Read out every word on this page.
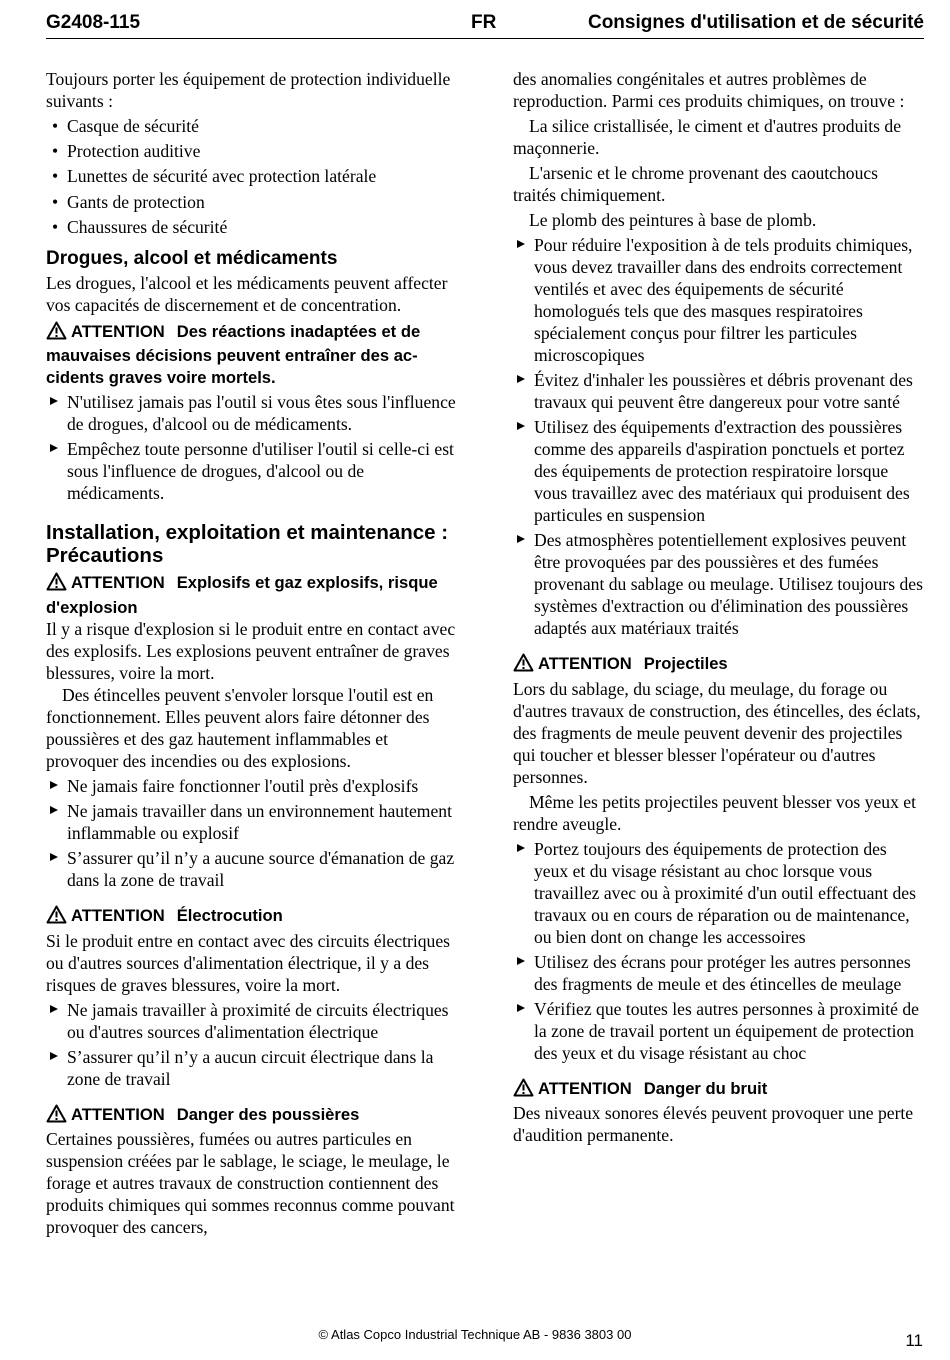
G2408-115	FR	Consignes d'utilisation et de sécurité

Toujours porter les équipement de protection individuelle suivants :

• Casque de sécurité
• Protection auditive
• Lunettes de sécurité avec protection latérale
• Gants de protection
• Chaussures de sécurité
Drogues, alcool et médicaments

Les drogues, l'alcool et les médicaments peuvent affecter vos capacités de discernement et de concentration.

ATTENTION Des réactions inadaptées et de mauvaises décisions peuvent entraîner des accidents graves voire mortels.
N'utilisez jamais pas l'outil si vous êtes sous l'influence de drogues, d'alcool ou de médicaments.
Empêchez toute personne d'utiliser l'outil si celle-ci est sous l'influence de drogues, d'alcool ou de médicaments.
Installation, exploitation et maintenance : Précautions
ATTENTION Explosifs et gaz explosifs, risque d'explosion

Il y a risque d'explosion si le produit entre en contact avec des explosifs. Les explosions peuvent entraîner de graves blessures, voire la mort.

Des étincelles peuvent s'envoler lorsque l'outil est en fonctionnement. Elles peuvent alors faire détonner des poussières et des gaz hautement inflammables et provoquer des incendies ou des explosions.

Ne jamais faire fonctionner l'outil près d'explosifs
Ne jamais travailler dans un environnement hautement inflammable ou explosif
S’assurer qu’il n’y a aucune source d'émanation de gaz dans la zone de travail
ATTENTION Électrocution

Si le produit entre en contact avec des circuits électriques ou d'autres sources d'alimentation électrique, il y a des risques de graves blessures, voire la mort.

Ne jamais travailler à proximité de circuits électriques ou d'autres sources d'alimentation électrique
S’assurer qu’il n’y a aucun circuit électrique dans la zone de travail
ATTENTION Danger des poussières

Certaines poussières, fumées ou autres particules en suspension créées par le sablage, le sciage, le meulage, le forage et autres travaux de construction contiennent des produits chimiques qui sommes reconnus comme pouvant provoquer des cancers,

des anomalies congénitales et autres problèmes de reproduction. Parmi ces produits chimiques, on trouve :

La silice cristallisée, le ciment et d'autres produits de maçonnerie.

L'arsenic et le chrome provenant des caoutchoucs traités chimiquement.

Le plomb des peintures à base de plomb.

Pour réduire l'exposition à de tels produits chimiques, vous devez travailler dans des endroits correctement ventilés et avec des équipements de sécurité homologués tels que des masques respiratoires spécialement conçus pour filtrer les particules microscopiques
Évitez d'inhaler les poussières et débris provenant des travaux qui peuvent être dangereux pour votre santé
Utilisez des équipements d'extraction des poussières comme des appareils d'aspiration ponctuels et portez des équipements de protection respiratoire lorsque vous travaillez avec des matériaux qui produisent des particules en suspension
Des atmosphères potentiellement explosives peuvent être provoquées par des poussières et des fumées provenant du sablage ou meulage. Utilisez toujours des systèmes d'extraction ou d'élimination des poussières adaptés aux matériaux traités
ATTENTION Projectiles

Lors du sablage, du sciage, du meulage, du forage ou d'autres travaux de construction, des étincelles, des éclats, des fragments de meule peuvent devenir des projectiles qui toucher et blesser blesser l'opérateur ou d'autres personnes.

Même les petits projectiles peuvent blesser vos yeux et rendre aveugle.

Portez toujours des équipements de protection des yeux et du visage résistant au choc lorsque vous travaillez avec ou à proximité d'un outil effectuant des travaux ou en cours de réparation ou de maintenance, ou bien dont on change les accessoires
Utilisez des écrans pour protéger les autres personnes des fragments de meule et des étincelles de meulage
Vérifiez que toutes les autres personnes à proximité de la zone de travail portent un équipement de protection des yeux et du visage résistant au choc
ATTENTION Danger du bruit

Des niveaux sonores élevés peuvent provoquer une perte d'audition permanente.

© Atlas Copco Industrial Technique AB - 9836 3803 00	11
